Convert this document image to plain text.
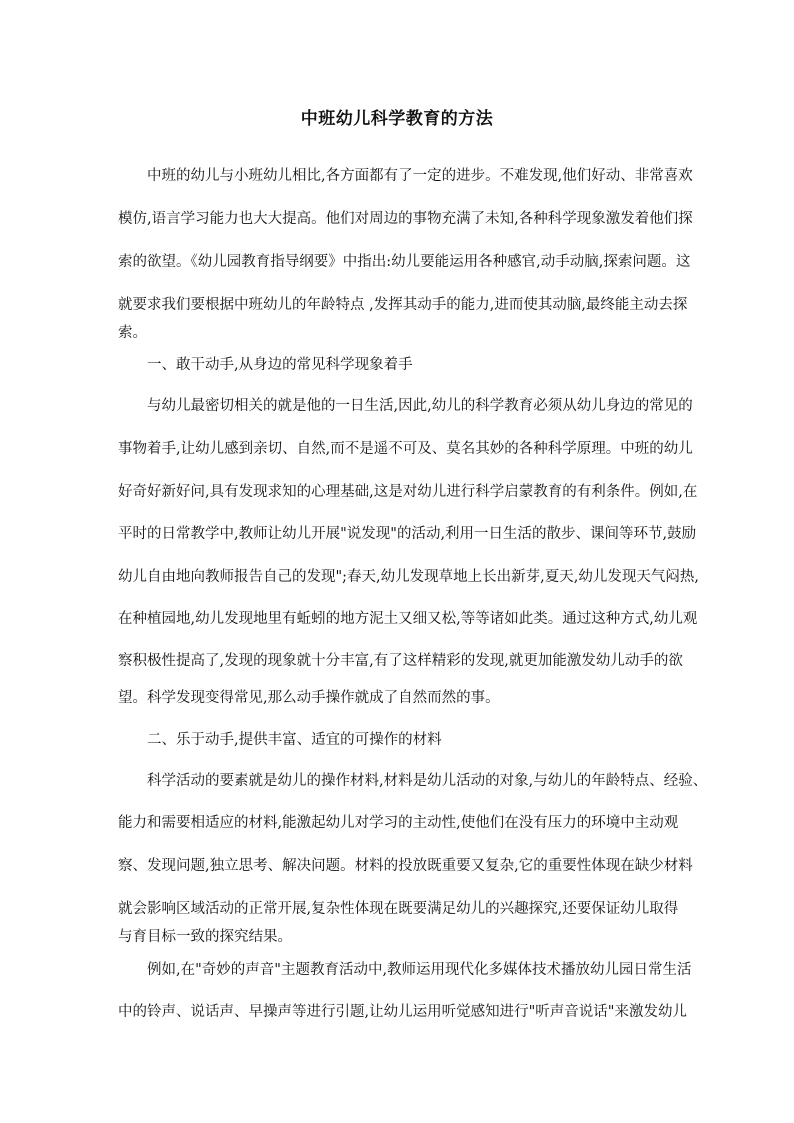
中班幼儿科学教育的方法

中班的幼儿与小班幼儿相比,各方面都有了一定的进步。不难发现,他们好动、非常喜欢

模仿,语言学习能力也大大提高。他们对周边的事物充满了未知,各种科学现象激发着他们探

索的欲望。《幼儿园教育指导纲要》中指出:幼儿要能运用各种感官,动手动脑,探索问题。这

就要求我们要根据中班幼儿的年龄特点 ,发挥其动手的能力,进而使其动脑,最终能主动去探

索。

一、敢干动手,从身边的常见科学现象着手

与幼儿最密切相关的就是他的一日生活,因此,幼儿的科学教育必须从幼儿身边的常见的

事物着手,让幼儿感到亲切、自然,而不是遥不可及、莫名其妙的各种科学原理。中班的幼儿

好奇好新好问,具有发现求知的心理基础,这是对幼儿进行科学启蒙教育的有利条件。例如,在

平时的日常教学中,教师让幼儿开展"说发现"的活动,利用一日生活的散步、课间等环节,鼓励

幼儿自由地向教师报告自己的发现";春天,幼儿发现草地上长出新芽,夏天,幼儿发现天气闷热,

在种植园地,幼儿发现地里有蚯蚓的地方泥土又细又松,等等诸如此类。通过这种方式,幼儿观

察积极性提高了,发现的现象就十分丰富,有了这样精彩的发现,就更加能激发幼儿动手的欲

望。科学发现变得常见,那么动手操作就成了自然而然的事。

二、乐于动手,提供丰富、适宜的可操作的材料

科学活动的要素就是幼儿的操作材料,材料是幼儿活动的对象,与幼儿的年龄特点、经验、

能力和需要相适应的材料,能激起幼儿对学习的主动性,使他们在没有压力的环境中主动观

察、发现问题,独立思考、解决问题。材料的投放既重要又复杂,它的重要性体现在缺少材料

就会影响区域活动的正常开展,复杂性体现在既要满足幼儿的兴趣探究,还要保证幼儿取得

与育目标一致的探究结果。

例如,在"奇妙的声音"主题教育活动中,教师运用现代化多媒体技术播放幼儿园日常生活

中的铃声、说话声、早操声等进行引题,让幼儿运用听觉感知进行"听声音说话"来激发幼儿
